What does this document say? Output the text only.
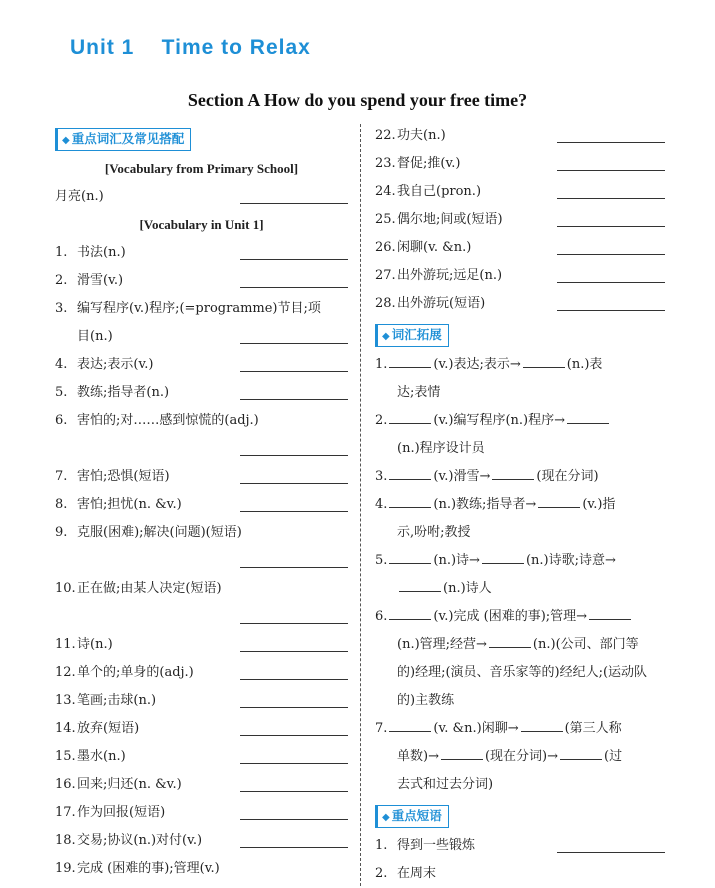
Unit 1    Time to Relax
Section A How do you spend your free time?
◆ 重点词汇及常见搭配
[Vocabulary from Primary School]
月亮(n.)
[Vocabulary in Unit 1]
1. 书法(n.)
2. 滑雪(v.)
3. 编写程序(v.)程序;(=programme)节目;项
目(n.)
4. 表达;表示(v.)
5. 教练;指导者(n.)
6. 害怕的;对……感到惊慌的(adj.)
7. 害怕;恐惧(短语)
8. 害怕;担忧(n. &v.)
9. 克服(困难);解决(问题)(短语)
10.正在做;由某人决定(短语)
11.诗(n.)
12.单个的;单身的(adj.)
13.笔画;击球(n.)
14.放弃(短语)
15.墨水(n.)
16.回来;归还(n. &v.)
17.作为回报(短语)
18.交易;协议(n.)对付(v.)
19.完成 (困难的事);管理(v.)
22.功夫(n.)
23.督促;推(v.)
24.我自己(pron.)
25.偶尔地;间或(短语)
26.闲聊(v. &n.)
27.出外游玩;远足(n.)
28.出外游玩(短语)
◆ 词汇拓展
1.	(v.)表达;表示→	(n.)表
达;表情
2.	(v.)编写程序(n.)程序→
(n.)程序设计员
3.	(v.)滑雪→	(现在分词)
4.	(n.)教练;指导者→	(v.)指
示,吩咐;教授
5.	(n.)诗→	(n.)诗歌;诗意→
(n.)诗人
6.	(v.)完成 (困难的事);管理→
(n.)管理;经营→	(n.)(公司、部门等
的)经理;(演员、音乐家等的)经纪人;(运动队
的)主教练
7.	(v. &n.)闲聊→	(第三人称
单数)→	(现在分词)→	(过
去式和过去分词)
◆ 重点短语
1. 得到一些锻炼
2. 在周末
